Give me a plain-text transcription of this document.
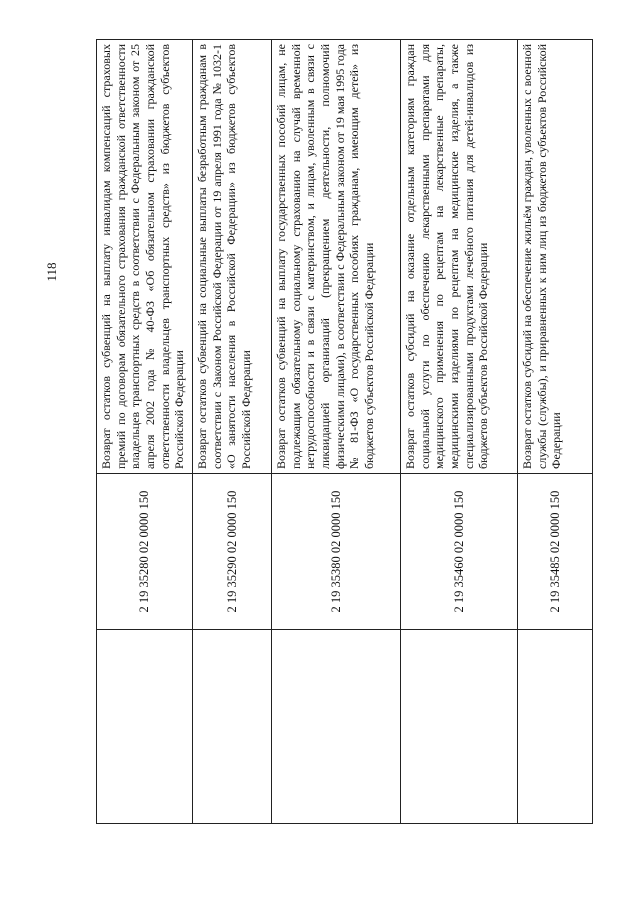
118
	2 19 35280 02 0000 150	Возврат остатков субвенций на выплату инвалидам компенсаций страховых премий по договорам обязательного страхования гражданской ответственности владельцев транспортных средств в соответствии с Федеральным законом от 25 апреля 2002 года № 40-ФЗ «Об обязательном страховании гражданской ответственности владельцев транспортных средств» из бюджетов субъектов Российской Федерации
	2 19 35290 02 0000 150	Возврат остатков субвенций на социальные выплаты безработным гражданам в соответствии с Законом Российской Федерации от 19 апреля 1991 года № 1032-1 «О занятости населения в Российской Федерации» из бюджетов субъектов Российской Федерации
	2 19 35380 02 0000 150	Возврат остатков субвенций на выплату государственных пособий лицам, не подлежащим обязательному социальному страхованию на случай временной нетрудоспособности и в связи с материнством, и лицам, уволенным в связи с ликвидацией организаций (прекращением деятельности, полномочий физическими лицами), в соответствии с Федеральным законом от 19 мая 1995 года № 81-ФЗ «О государственных пособиях гражданам, имеющим детей» из бюджетов субъектов Российской Федерации
	2 19 35460 02 0000 150	Возврат остатков субсидий на оказание отдельным категориям граждан социальной услуги по обеспечению лекарственными препаратами для медицинского применения по рецептам на лекарственные препараты, медицинскими изделиями по рецептам на медицинские изделия, а также специализированными продуктами лечебного питания для детей-инвалидов из бюджетов субъектов Российской Федерации
	2 19 35485 02 0000 150	Возврат остатков субсидий на обеспечение жильём граждан, уволенных с военной службы (службы), и приравненных к ним лиц из бюджетов субъектов Российской Федерации
